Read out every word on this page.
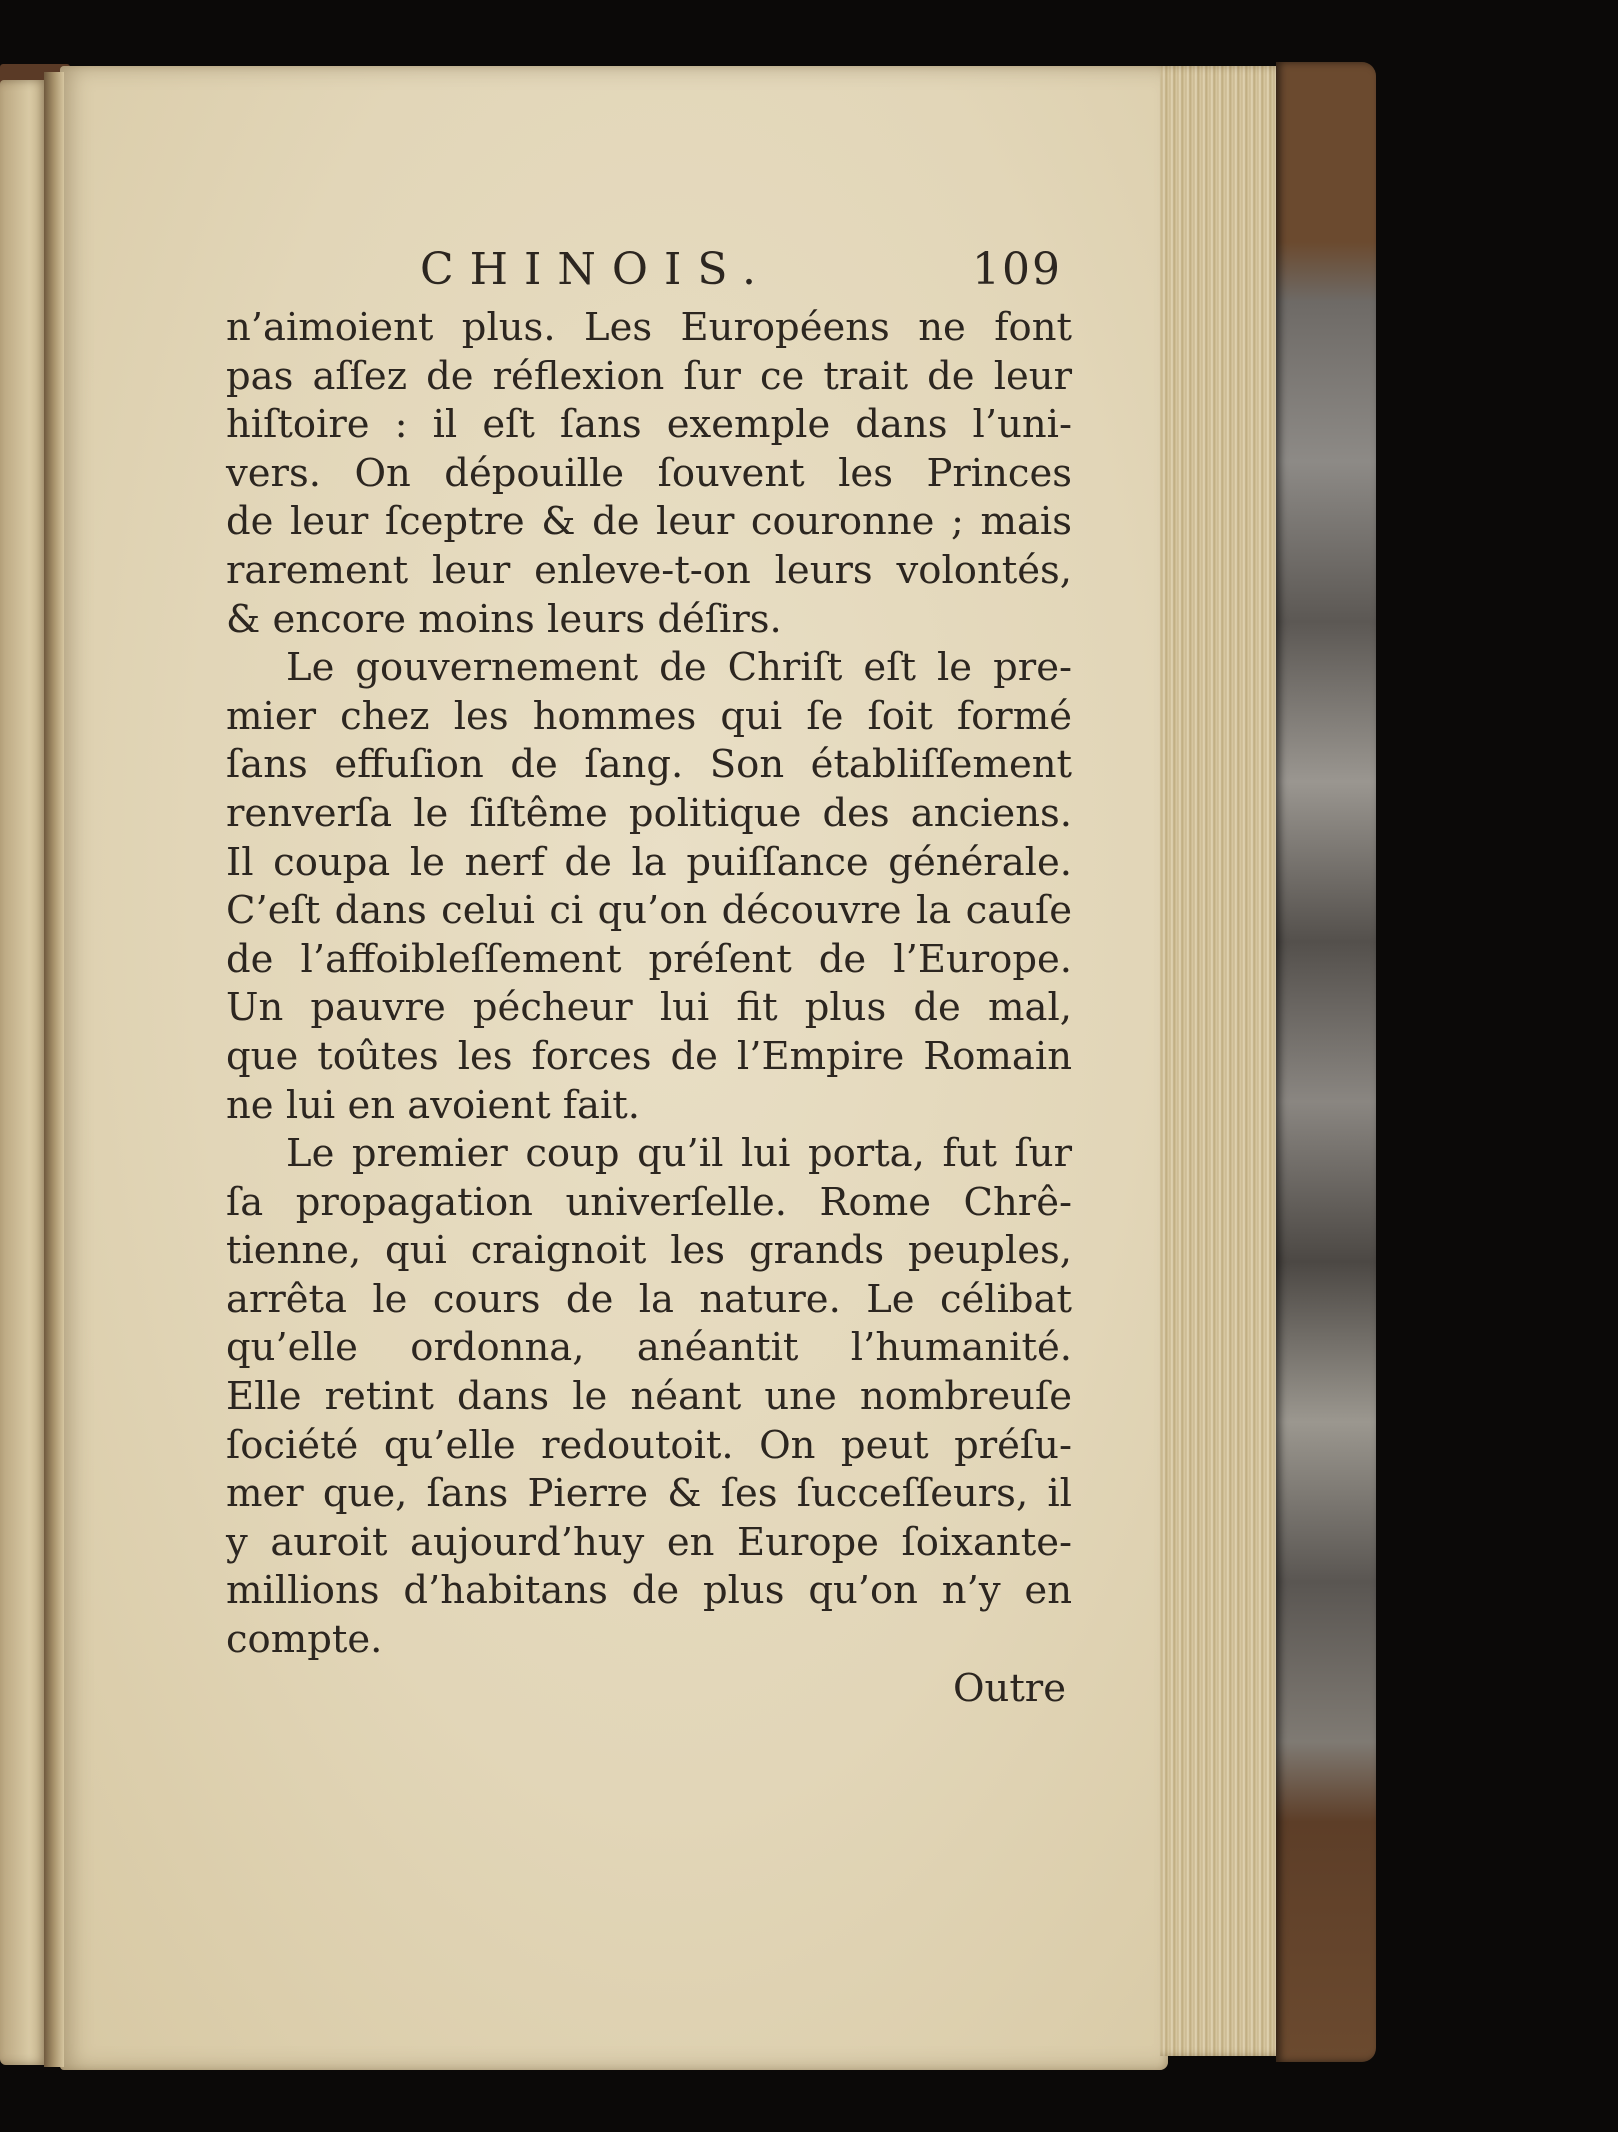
CHINOIS.	109
n’aimoient plus. Les Européens ne font
pas aſſez de réflexion ſur ce trait de leur
hiſtoire : il eſt ſans exemple dans l’uni-
vers. On dépouille ſouvent les Princes
de leur ſceptre & de leur couronne ; mais
rarement leur enleve-t-on leurs volontés,
& encore moins leurs déſirs.
Le gouvernement de Chriſt eſt le pre-
mier chez les hommes qui ſe ſoit formé
ſans effuſion de ſang. Son établiſſement
renverſa le ſiſtême politique des anciens.
Il coupa le nerf de la puiſſance générale.
C’eſt dans celui ci qu’on découvre la cauſe
de l’affoibleſſement préſent de l’Europe.
Un pauvre pécheur lui fit plus de mal,
que toûtes les forces de l’Empire Romain
ne lui en avoient fait.
Le premier coup qu’il lui porta, fut ſur
ſa propagation univerſelle. Rome Chrê-
tienne, qui craignoit les grands peuples,
arrêta le cours de la nature. Le célibat
qu’elle ordonna, anéantit l’humanité.
Elle retint dans le néant une nombreuſe
ſociété qu’elle redoutoit. On peut préſu-
mer que, ſans Pierre & ſes ſucceſſeurs, il
y auroit aujourd’huy en Europe ſoixante-
millions d’habitans de plus qu’on n’y en
compte.
Outre
